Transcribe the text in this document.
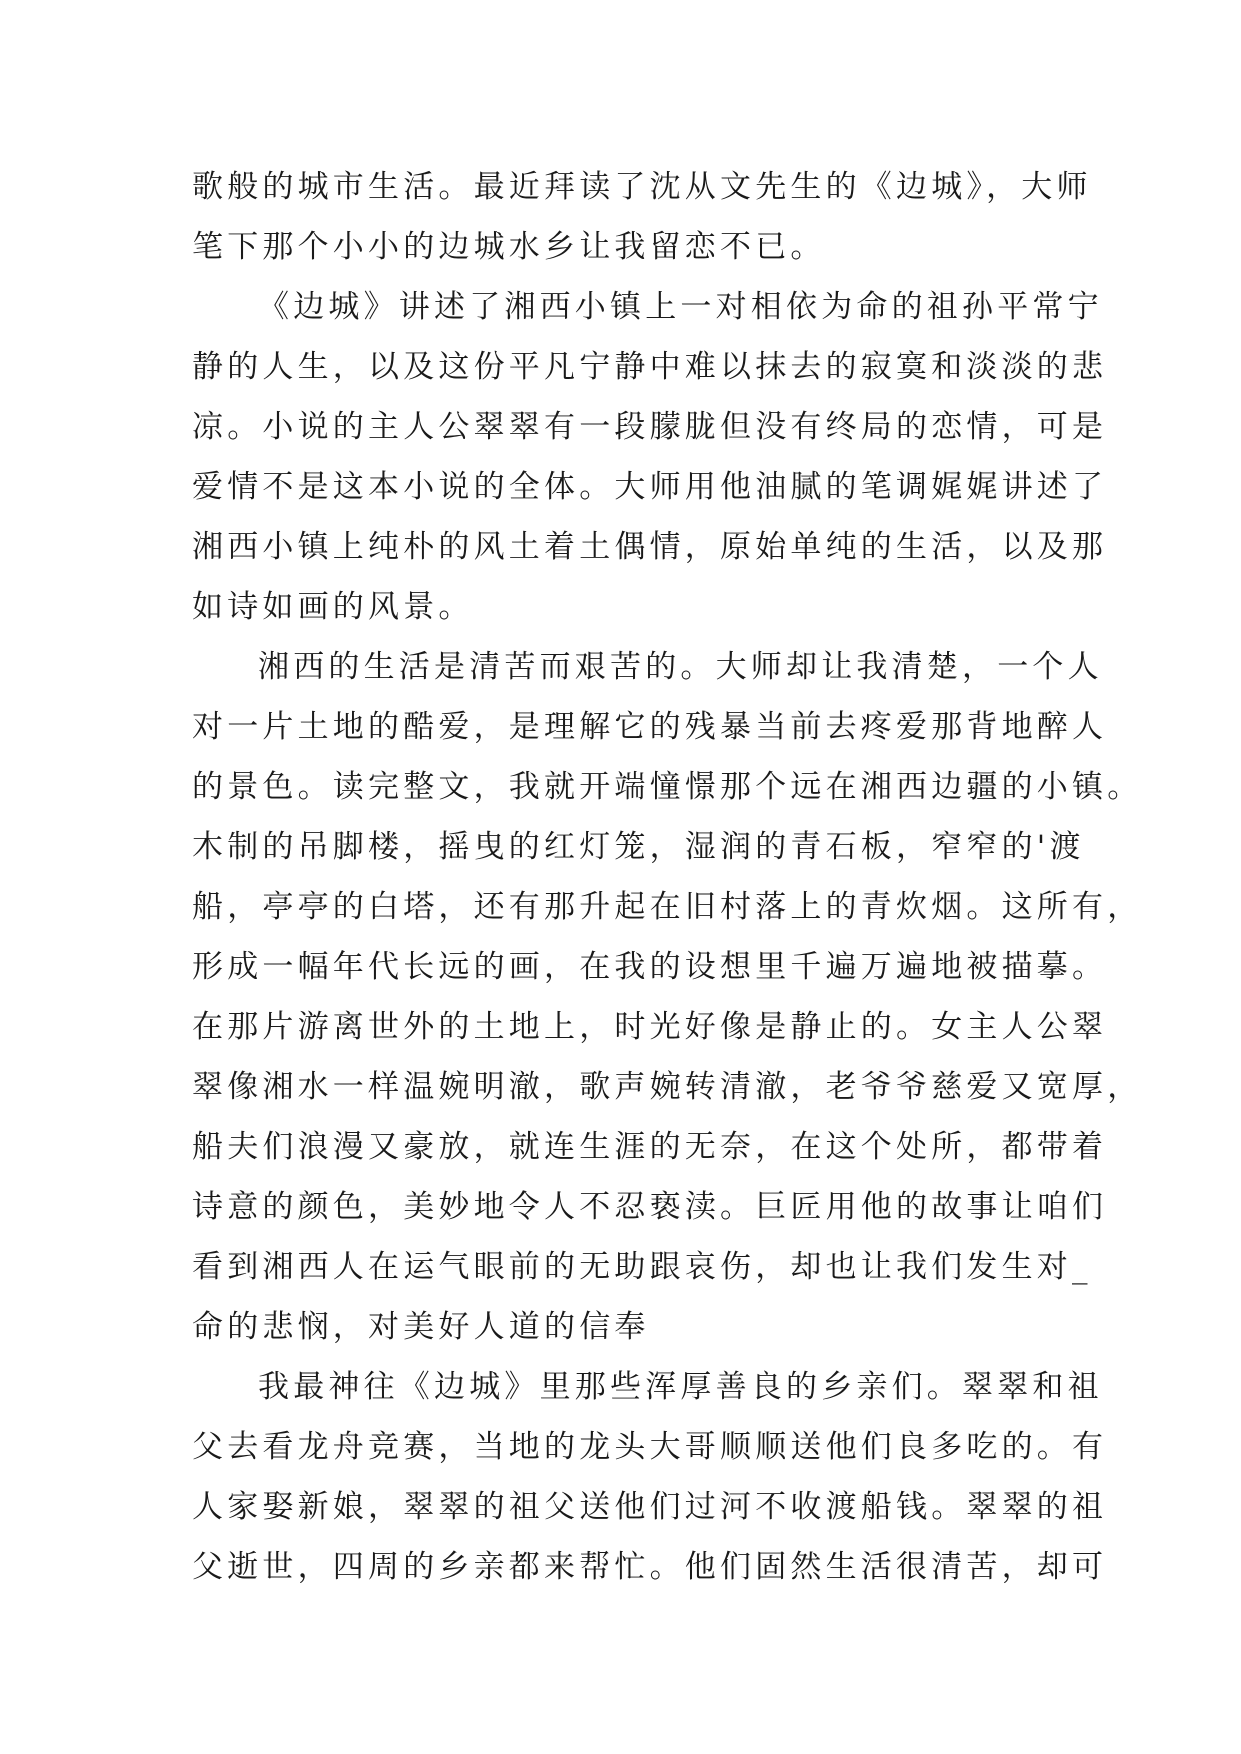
歌般的城市生活。最近拜读了沈从文先生的《边城》，大师
笔下那个小小的边城水乡让我留恋不已。
《边城》讲述了湘西小镇上一对相依为命的祖孙平常宁
静的人生，以及这份平凡宁静中难以抹去的寂寞和淡淡的悲
凉。小说的主人公翠翠有一段朦胧但没有终局的恋情，可是
爱情不是这本小说的全体。大师用他油腻的笔调娓娓讲述了
湘西小镇上纯朴的风土着土偶情，原始单纯的生活，以及那
如诗如画的风景。
湘西的生活是清苦而艰苦的。大师却让我清楚，一个人
对一片土地的酷爱，是理解它的残暴当前去疼爱那背地醉人
的景色。读完整文，我就开端憧憬那个远在湘西边疆的小镇。
木制的吊脚楼，摇曳的红灯笼，湿润的青石板，窄窄的'渡
船，亭亭的白塔，还有那升起在旧村落上的青炊烟。这所有，
形成一幅年代长远的画，在我的设想里千遍万遍地被描摹。
在那片游离世外的土地上，时光好像是静止的。女主人公翠
翠像湘水一样温婉明澈，歌声婉转清澈，老爷爷慈爱又宽厚，
船夫们浪漫又豪放，就连生涯的无奈，在这个处所，都带着
诗意的颜色，美妙地令人不忍亵渎。巨匠用他的故事让咱们
看到湘西人在运气眼前的无助跟哀伤，却也让我们发生对_
命的悲悯，对美好人道的信奉
我最神往《边城》里那些浑厚善良的乡亲们。翠翠和祖
父去看龙舟竞赛，当地的龙头大哥顺顺送他们良多吃的。有
人家娶新娘，翠翠的祖父送他们过河不收渡船钱。翠翠的祖
父逝世，四周的乡亲都来帮忙。他们固然生活很清苦，却可
